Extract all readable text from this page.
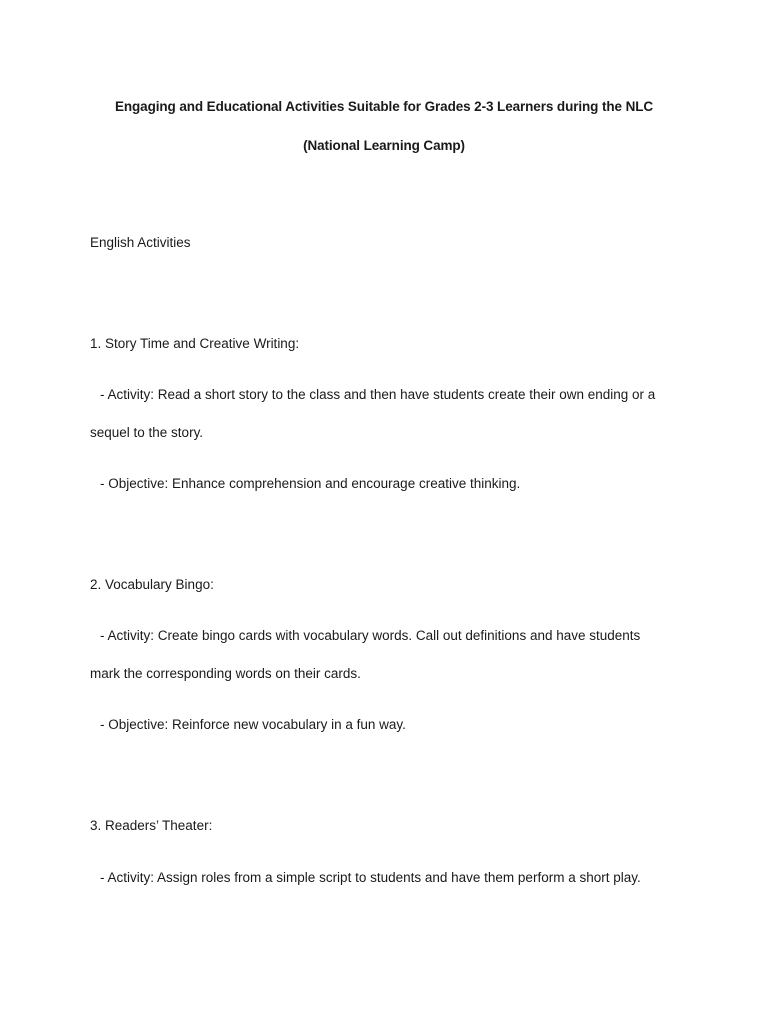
Engaging and Educational Activities Suitable for Grades 2-3 Learners during the NLC (National Learning Camp)
English Activities
1. Story Time and Creative Writing:
- Activity: Read a short story to the class and then have students create their own ending or a
sequel to the story.
- Objective: Enhance comprehension and encourage creative thinking.
2. Vocabulary Bingo:
- Activity: Create bingo cards with vocabulary words. Call out definitions and have students
mark the corresponding words on their cards.
- Objective: Reinforce new vocabulary in a fun way.
3. Readers’ Theater:
- Activity: Assign roles from a simple script to students and have them perform a short play.
